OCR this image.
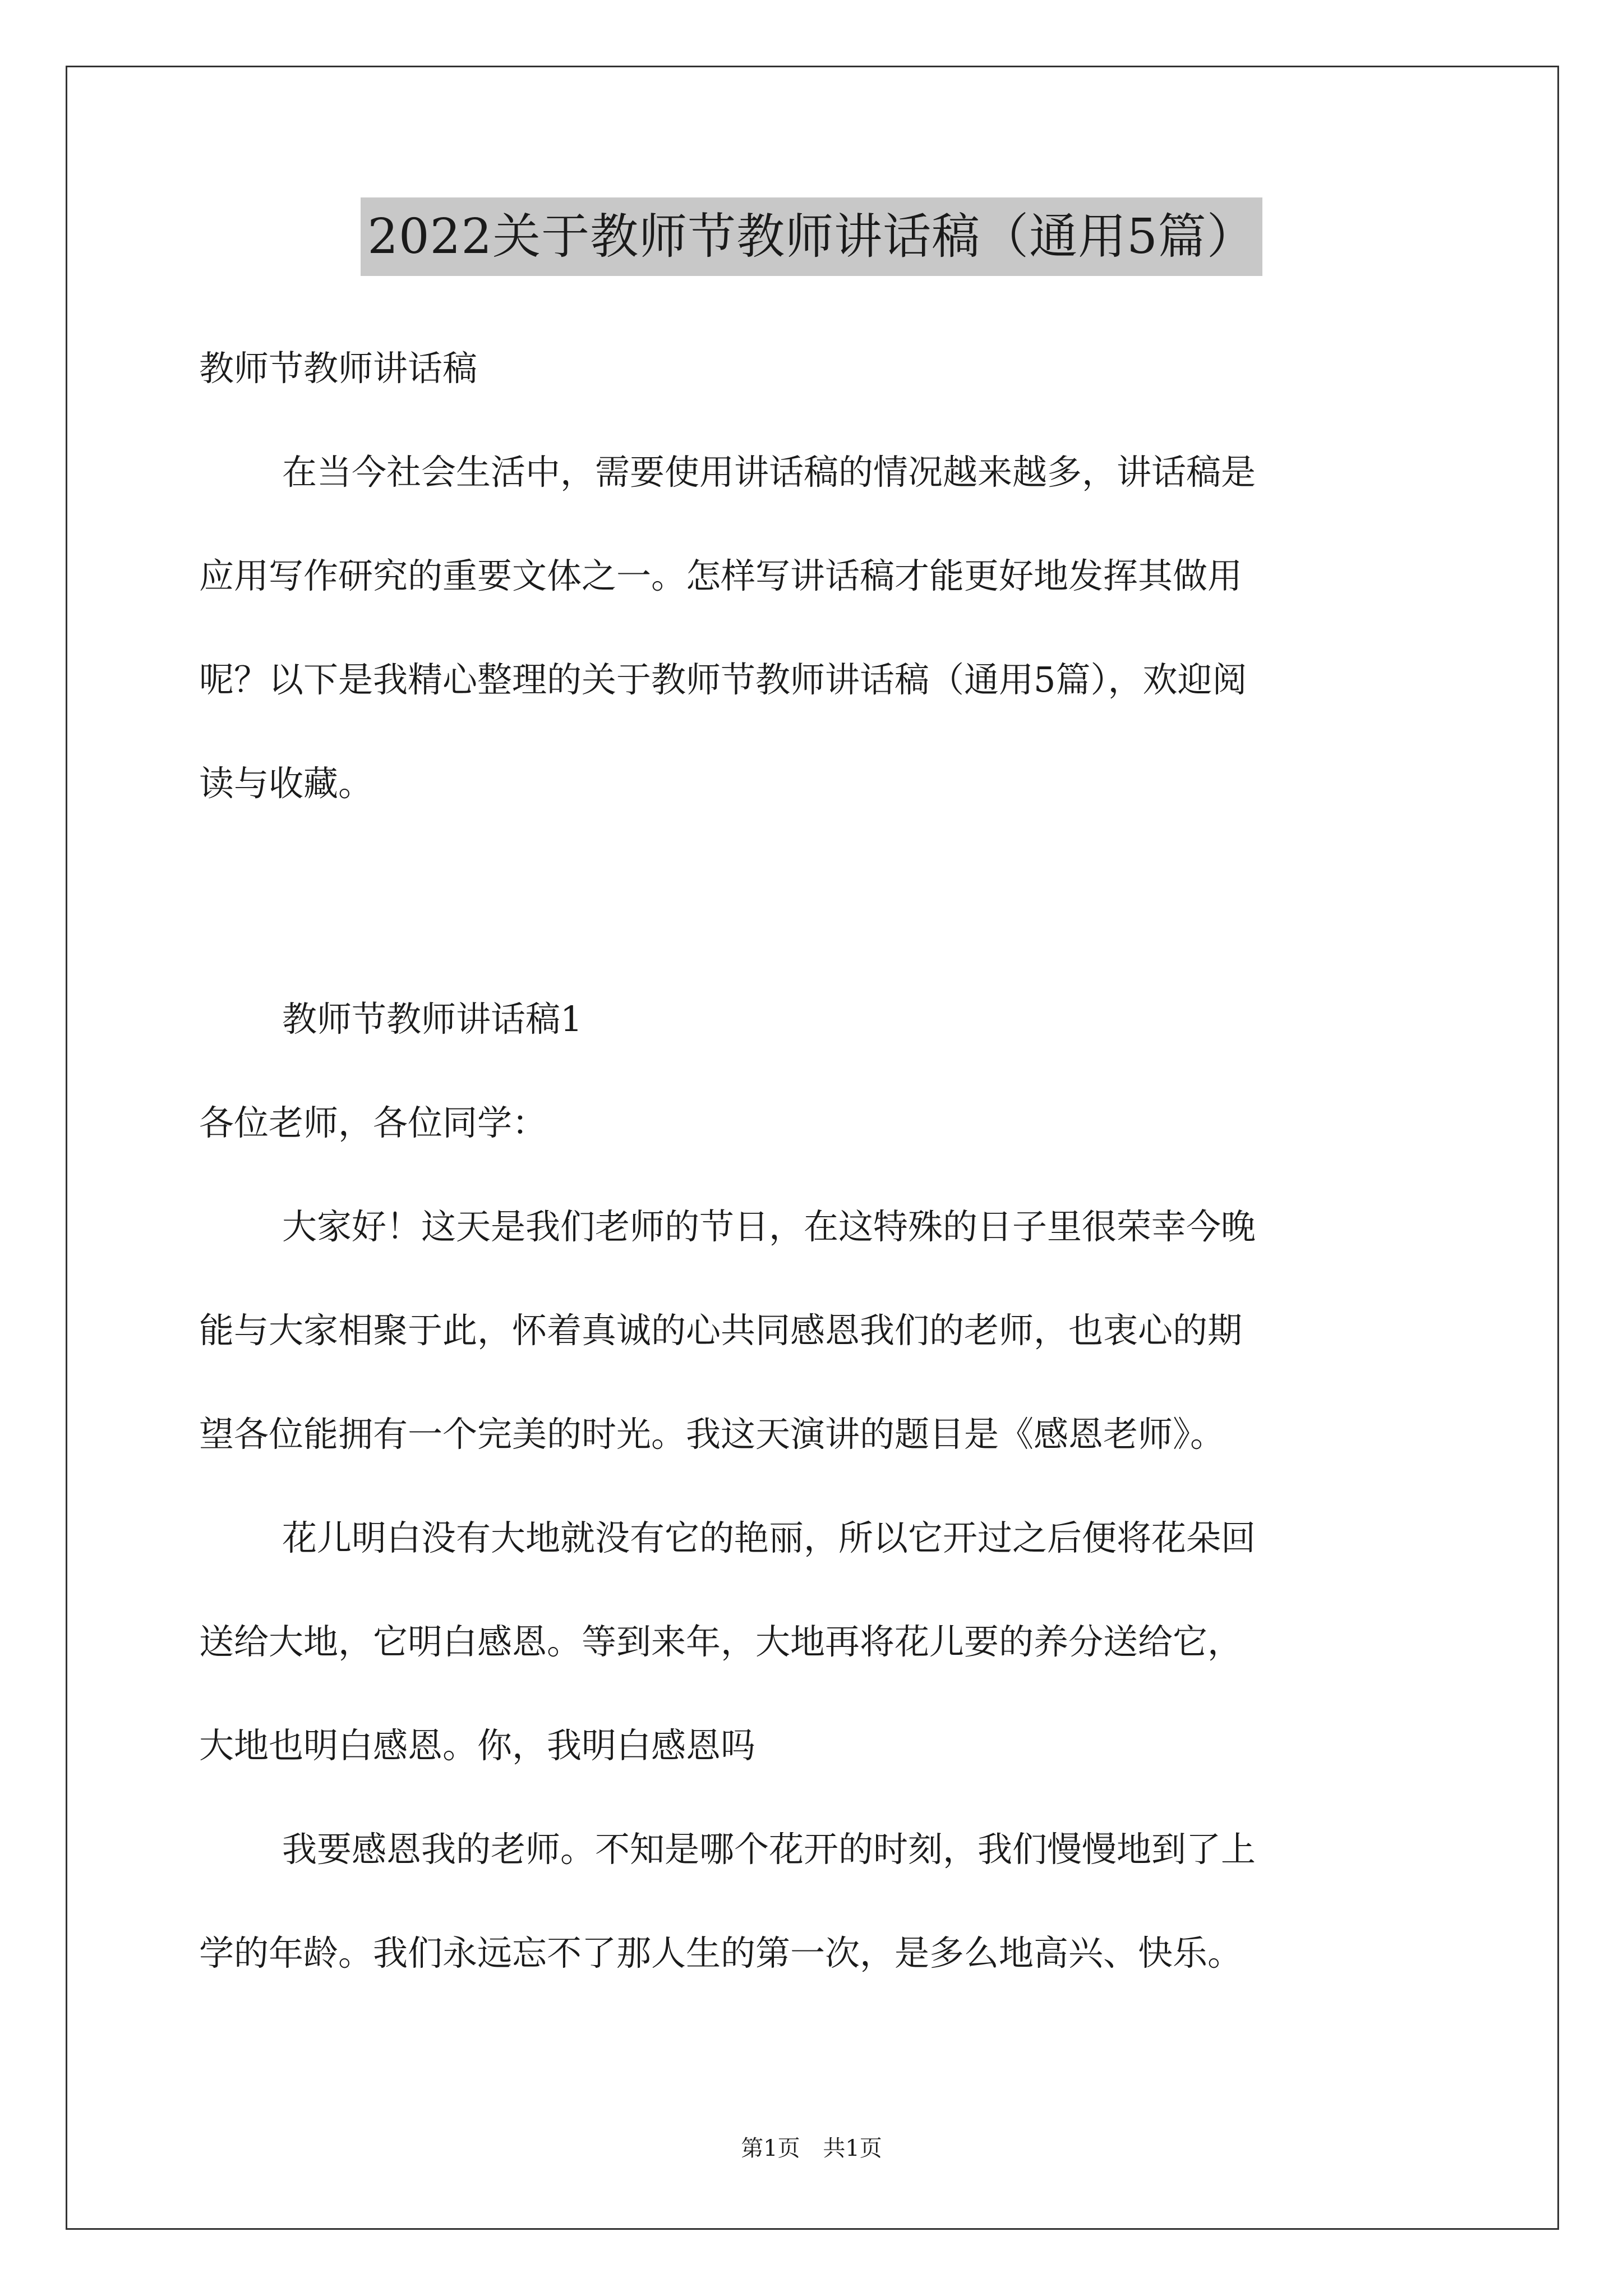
2022关于教师节教师讲话稿（通用5篇）
教师节教师讲话稿
在当今社会生活中，需要使用讲话稿的情况越来越多，讲话稿是
应用写作研究的重要文体之一。怎样写讲话稿才能更好地发挥其做用
呢？以下是我精心整理的关于教师节教师讲话稿（通用5篇），欢迎阅
读与收藏。
教师节教师讲话稿1
各位老师，各位同学：
大家好！这天是我们老师的节日，在这特殊的日子里很荣幸今晚
能与大家相聚于此，怀着真诚的心共同感恩我们的老师，也衷心的期
望各位能拥有一个完美的时光。我这天演讲的题目是《感恩老师》。
花儿明白没有大地就没有它的艳丽，所以它开过之后便将花朵回
送给大地，它明白感恩。等到来年，大地再将花儿要的养分送给它，
大地也明白感恩。你，我明白感恩吗
我要感恩我的老师。不知是哪个花开的时刻，我们慢慢地到了上
学的年龄。我们永远忘不了那人生的第一次，是多么地高兴、快乐。
第1页 共1页
